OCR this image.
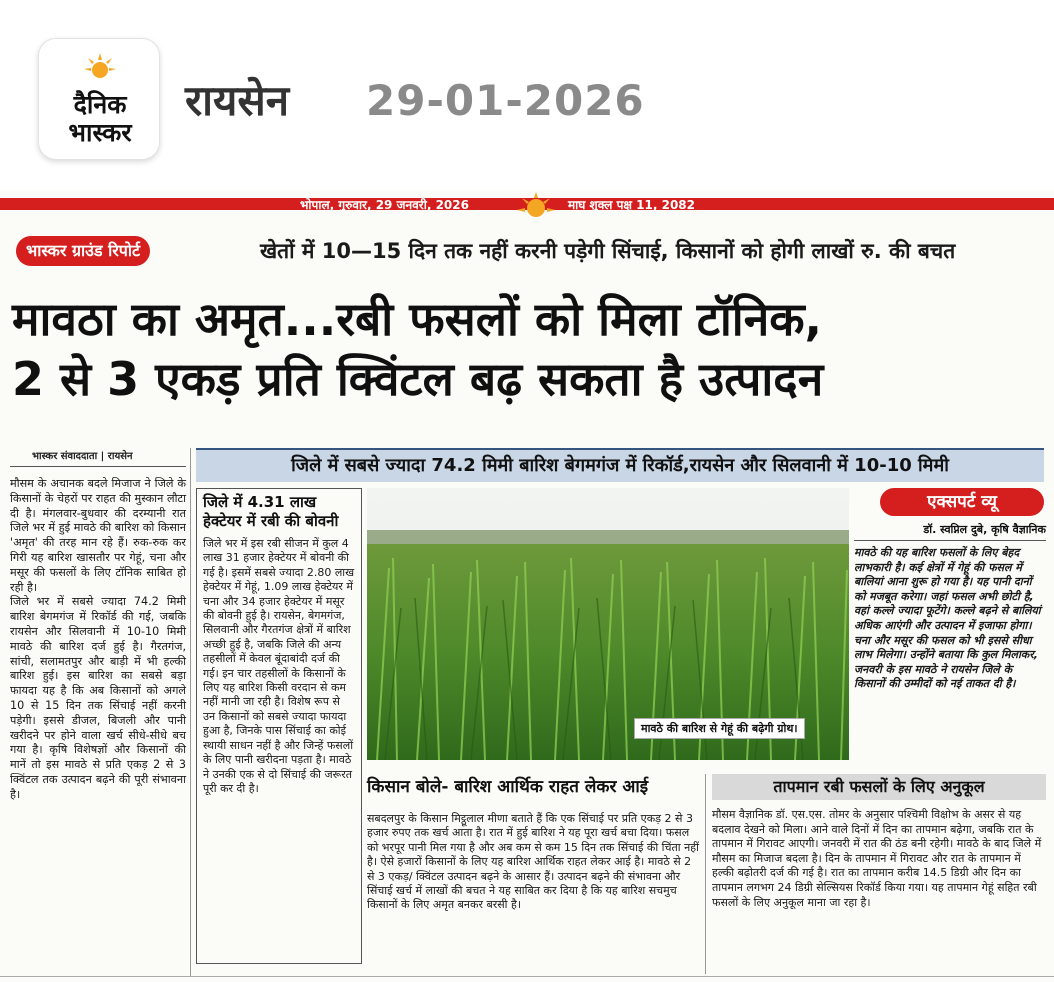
दैनिक
भास्कर
रायसेन 29-01-2026
भोपाल, गुरुवार, 29 जनवरी, 2026	माघ शुक्ल पक्ष 11, 2082
भास्कर ग्राउंड रिपोर्ट	खेतों में 10—15 दिन तक नहीं करनी पड़ेगी सिंचाई, किसानों को होगी लाखों रु. की बचत
मावठा का अमृत...रबी फसलों को मिला टॉनिक,
2 से 3 एकड़ प्रति क्विंटल बढ़ सकता है उत्पादन
भास्कर संवाददाता | रायसेन

मौसम के अचानक बदले मिजाज ने जिले के किसानों के चेहरों पर राहत की मुस्कान लौटा दी है। मंगलवार-बुधवार की दरम्यानी रात जिले भर में हुई मावठे की बारिश को किसान 'अमृत' की तरह मान रहे हैं। रुक-रुक कर गिरी यह बारिश खासतौर पर गेहूं, चना और मसूर की फसलों के लिए टॉनिक साबित हो रही है।

जिले भर में सबसे ज्यादा 74.2 मिमी बारिश बेगमगंज में रिकॉर्ड की गई, जबकि रायसेन और सिलवानी में 10-10 मिमी मावठे की बारिश दर्ज हुई है। गैरतगंज, सांची, सलामतपुर और बाड़ी में भी हल्की बारिश हुई। इस बारिश का सबसे बड़ा फायदा यह है कि अब किसानों को अगले 10 से 15 दिन तक सिंचाई नहीं करनी पड़ेगी। इससे डीजल, बिजली और पानी खरीदने पर होने वाला खर्च सीधे-सीधे बच गया है। कृषि विशेषज्ञों और किसानों की मानें तो इस मावठे से प्रति एकड़ 2 से 3 क्विंटल तक उत्पादन बढ़ने की पूरी संभावना है।

जिले में सबसे ज्यादा 74.2 मिमी बारिश बेगमगंज में रिकॉर्ड,रायसेन और सिलवानी में 10-10 मिमी
जिले में 4.31 लाख हेक्टेयर में रबी की बोवनी
जिले भर में इस रबी सीजन में कुल 4 लाख 31 हजार हेक्टेयर में बोवनी की गई है। इसमें सबसे ज्यादा 2.80 लाख हेक्टेयर में गेहूं, 1.09 लाख हेक्टेयर में चना और 34 हजार हेक्टेयर में मसूर की बोवनी हुई है। रायसेन, बेगमगंज, सिलवानी और गैरतगंज क्षेत्रों में बारिश अच्छी हुई है, जबकि जिले की अन्य तहसीलों में केवल बूंदाबांदी दर्ज की गई। इन चार तहसीलों के किसानों के लिए यह बारिश किसी वरदान से कम नहीं मानी जा रही है। विशेष रूप से उन किसानों को सबसे ज्यादा फायदा हुआ है, जिनके पास सिंचाई का कोई स्थायी साधन नहीं है और जिन्हें फसलों के लिए पानी खरीदना पड़ता है। मावठे ने उनकी एक से दो सिंचाई की जरूरत पूरी कर दी है।
मावठे की बारिश से गेहूं की बढ़ेगी ग्रोथ।
एक्सपर्ट व्यू
डॉ. स्वप्निल दुबे, कृषि वैज्ञानिक
मावठे की यह बारिश फसलों के लिए बेहद लाभकारी है। कई क्षेत्रों में गेहूं की फसल में बालियां आना शुरू हो गया है। यह पानी दानों को मजबूत करेगा। जहां फसल अभी छोटी है, वहां कल्ले ज्यादा फूटेंगे। कल्ले बढ़ने से बालियां अधिक आएंगी और उत्पादन में इजाफा होगा। चना और मसूर की फसल को भी इससे सीधा लाभ मिलेगा। उन्होंने बताया कि कुल मिलाकर, जनवरी के इस मावठे ने रायसेन जिले के किसानों की उम्मीदों को नई ताकत दी है।
किसान बोले- बारिश आर्थिक राहत लेकर आई
सबदलपुर के किसान मिट्ठूलाल मीणा बताते हैं कि एक सिंचाई पर प्रति एकड़ 2 से 3 हजार रुपए तक खर्च आता है। रात में हुई बारिश ने यह पूरा खर्च बचा दिया। फसल को भरपूर पानी मिल गया है और अब कम से कम 15 दिन तक सिंचाई की चिंता नहीं है। ऐसे हजारों किसानों के लिए यह बारिश आर्थिक राहत लेकर आई है। मावठे से 2 से 3 एकड़/ क्विंटल उत्पादन बढ़ने के आसार हैं। उत्पादन बढ़ने की संभावना और सिंचाई खर्च में लाखों की बचत ने यह साबित कर दिया है कि यह बारिश सचमुच किसानों के लिए अमृत बनकर बरसी है।
तापमान रबी फसलों के लिए अनुकूल
मौसम वैज्ञानिक डॉ. एस.एस. तोमर के अनुसार पश्चिमी विक्षोभ के असर से यह बदलाव देखने को मिला। आने वाले दिनों में दिन का तापमान बढ़ेगा, जबकि रात के तापमान में गिरावट आएगी। जनवरी में रात की ठंड बनी रहेगी। मावठे के बाद जिले में मौसम का मिजाज बदला है। दिन के तापमान में गिरावट और रात के तापमान में हल्की बढ़ोतरी दर्ज की गई है। रात का तापमान करीब 14.5 डिग्री और दिन का तापमान लगभग 24 डिग्री सेल्सियस रिकॉर्ड किया गया। यह तापमान गेहूं सहित रबी फसलों के लिए अनुकूल माना जा रहा है।
